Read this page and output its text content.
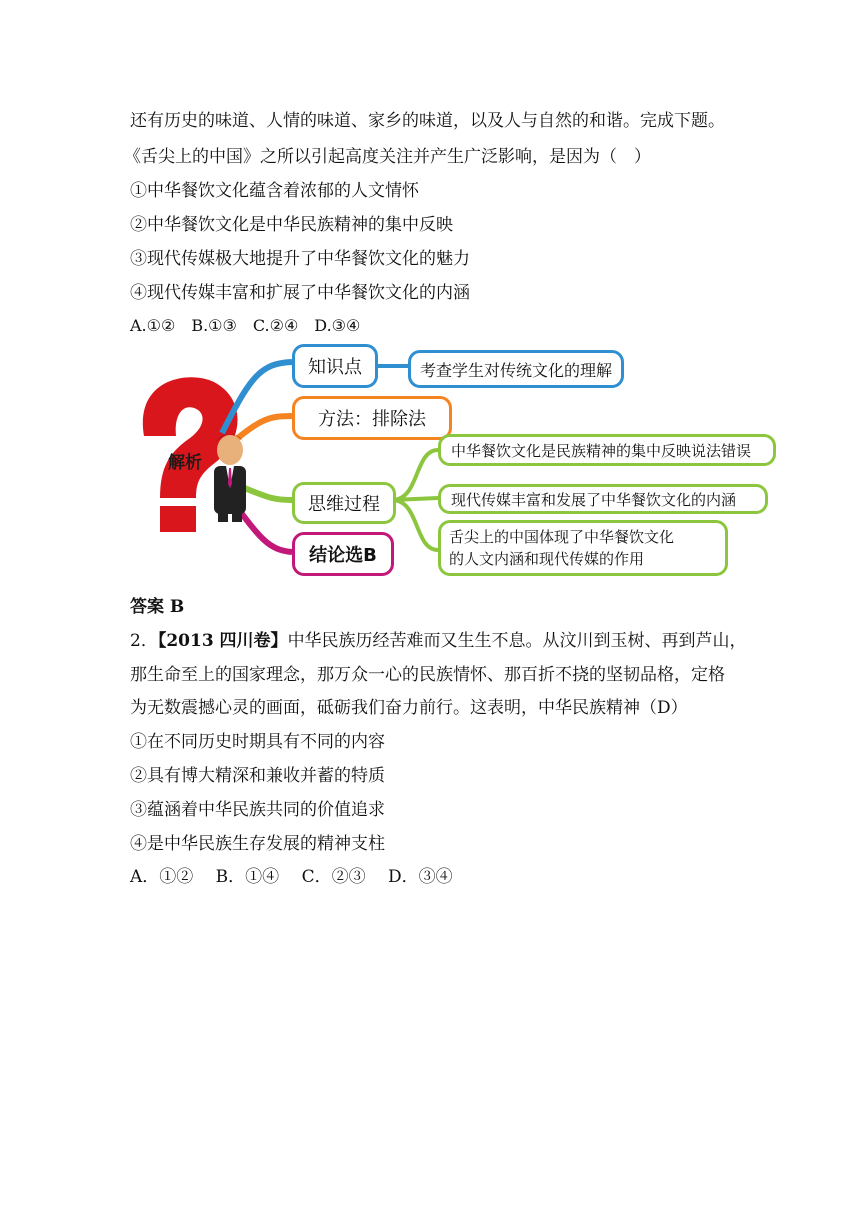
还有历史的味道、人情的味道、家乡的味道，以及人与自然的和谐。完成下题。
《舌尖上的中国》之所以引起高度关注并产生广泛影响，是因为（　）
①中华餐饮文化蕴含着浓郁的人文情怀
②中华餐饮文化是中华民族精神的集中反映
③现代传媒极大地提升了中华餐饮文化的魅力
④现代传媒丰富和扩展了中华餐饮文化的内涵
A.①②　B.①③　C.②④　D.③④
解析
知识点	考查学生对传统文化的理解
方法：排除法
思维过程
中华餐饮文化是民族精神的集中反映说法错误
现代传媒丰富和发展了中华餐饮文化的内涵
舌尖上的中国体现了中华餐饮文化
的人文内涵和现代传媒的作用
结论选B
答案 B
2．【2013 四川卷】中华民族历经苦难而又生生不息。从汶川到玉树、再到芦山，
那生命至上的国家理念，那万众一心的民族情怀、那百折不挠的坚韧品格，定格
为无数震撼心灵的画面，砥砺我们奋力前行。这表明，中华民族精神（D）
①在不同历史时期具有不同的内容
②具有博大精深和兼收并蓄的特质
③蕴涵着中华民族共同的价值追求
④是中华民族生存发展的精神支柱
A．①②　 B．①④　 C．②③　 D．③④
